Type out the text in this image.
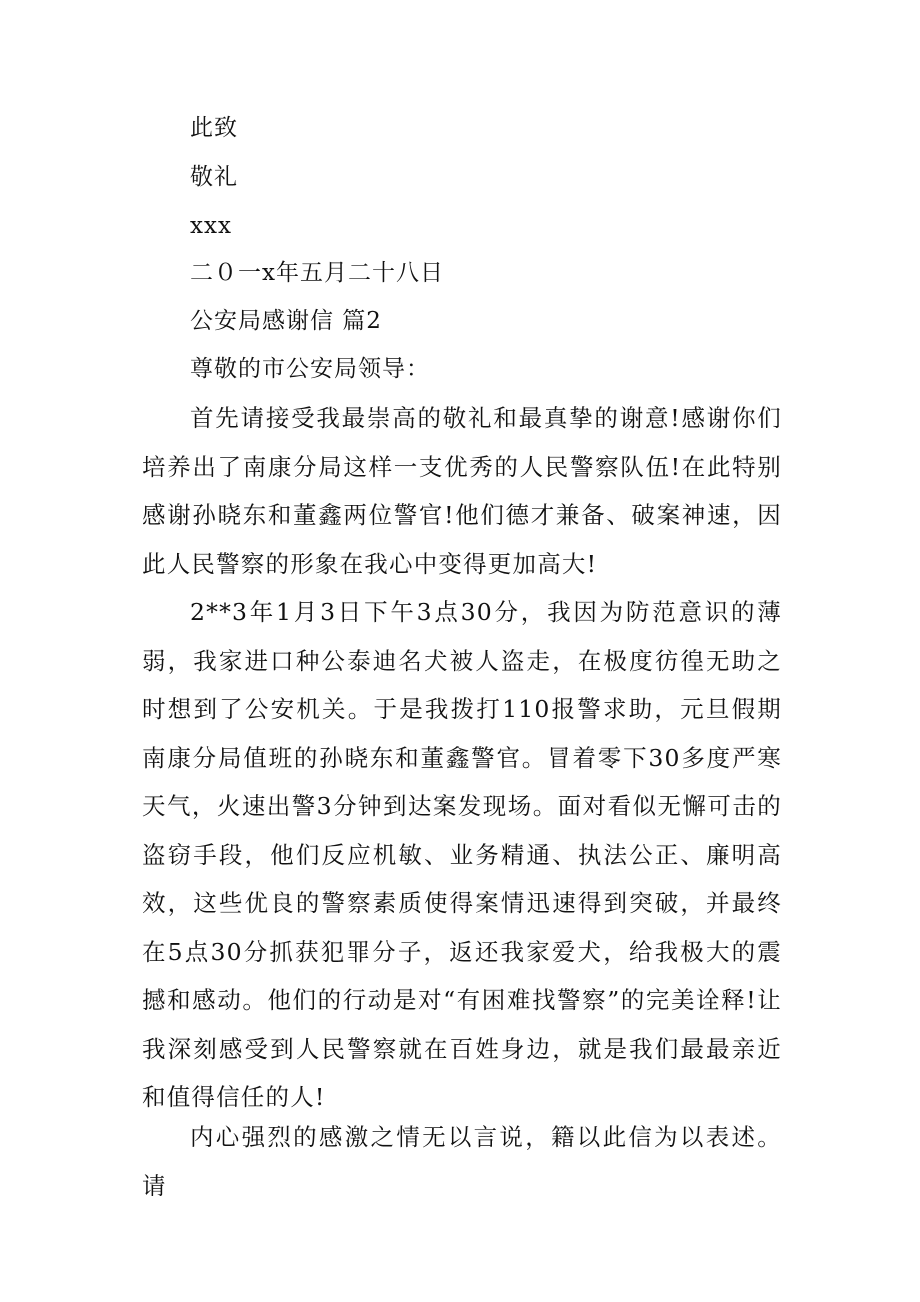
此致
敬礼
xxx
二０一x年五月二十八日
公安局感谢信 篇2
尊敬的市公安局领导：
首先请接受我最崇高的敬礼和最真挚的谢意!感谢你们培养出了南康分局这样一支优秀的人民警察队伍!在此特别感谢孙晓东和董鑫两位警官!他们德才兼备、破案神速，因此人民警察的形象在我心中变得更加高大!
2**3年1月3日下午3点30分，我因为防范意识的薄弱，我家进口种公泰迪名犬被人盗走，在极度彷徨无助之时想到了公安机关。于是我拨打110报警求助，元旦假期南康分局值班的孙晓东和董鑫警官。冒着零下30多度严寒天气，火速出警3分钟到达案发现场。面对看似无懈可击的盗窃手段，他们反应机敏、业务精通、执法公正、廉明高效，这些优良的警察素质使得案情迅速得到突破，并最终在5点30分抓获犯罪分子，返还我家爱犬，给我极大的震撼和感动。他们的行动是对“有困难找警察”的完美诠释!让我深刻感受到人民警察就在百姓身边，就是我们最最亲近和值得信任的人!
内心强烈的感激之情无以言说，籍以此信为以表述。请
